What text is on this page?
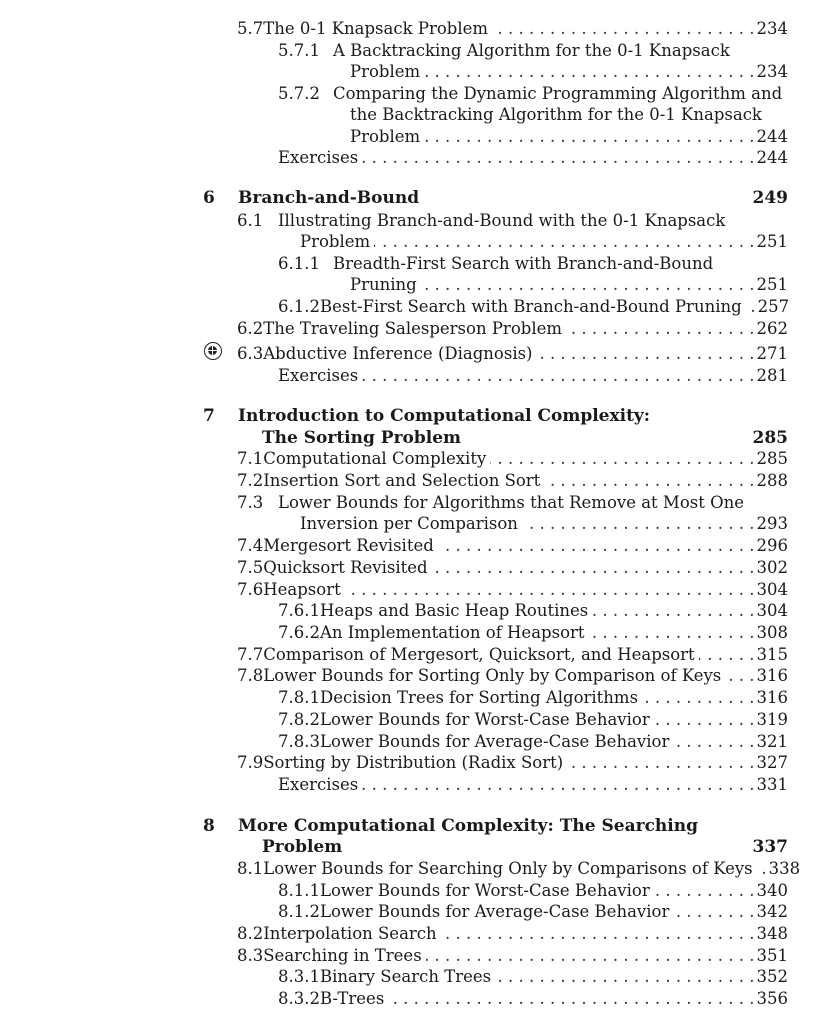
5.7 The 0-1 Knapsack Problem . . .	234
5.7.1 A Backtracking Algorithm for the 0-1 Knapsack
Problem . . .	234
5.7.2 Comparing the Dynamic Programming Algorithm and
the Backtracking Algorithm for the 0-1 Knapsack
Problem . . .	244
Exercises . . .	244
6	Branch-and-Bound	249
6.1 Illustrating Branch-and-Bound with the 0-1 Knapsack
Problem . . .	251
6.1.1 Breadth-First Search with Branch-and-Bound
Pruning . . .	251
6.1.2 Best-First Search with Branch-and-Bound Pruning . . . 257
6.2 The Traveling Salesperson Problem . . .	262
6.3 Abductive Inference (Diagnosis) . . .	271
Exercises . . .	281
7	Introduction to Computational Complexity:
The Sorting Problem	285
7.1 Computational Complexity . . .	285
7.2 Insertion Sort and Selection Sort . . .	288
7.3 Lower Bounds for Algorithms that Remove at Most One
Inversion per Comparison . . .	293
7.4 Mergesort Revisited . . .	296
7.5 Quicksort Revisited . . .	302
7.6 Heapsort . . .	304
7.6.1 Heaps and Basic Heap Routines . . .	304
7.6.2 An Implementation of Heapsort . . .	308
7.7 Comparison of Mergesort, Quicksort, and Heapsort . . .	315
7.8 Lower Bounds for Sorting Only by Comparison of Keys . . . 316
7.8.1 Decision Trees for Sorting Algorithms . . .	316
7.8.2 Lower Bounds for Worst-Case Behavior . . .	319
7.8.3 Lower Bounds for Average-Case Behavior . . .	321
7.9 Sorting by Distribution (Radix Sort) . . .	327
Exercises . . .	331
8	More Computational Complexity: The Searching
Problem	337
8.1 Lower Bounds for Searching Only by Comparisons of Keys . . . 338
8.1.1 Lower Bounds for Worst-Case Behavior . . .	340
8.1.2 Lower Bounds for Average-Case Behavior . . .	342
8.2 Interpolation Search . . .	348
8.3 Searching in Trees . . .	351
8.3.1 Binary Search Trees . . .	352
8.3.2 B-Trees . . .	356
